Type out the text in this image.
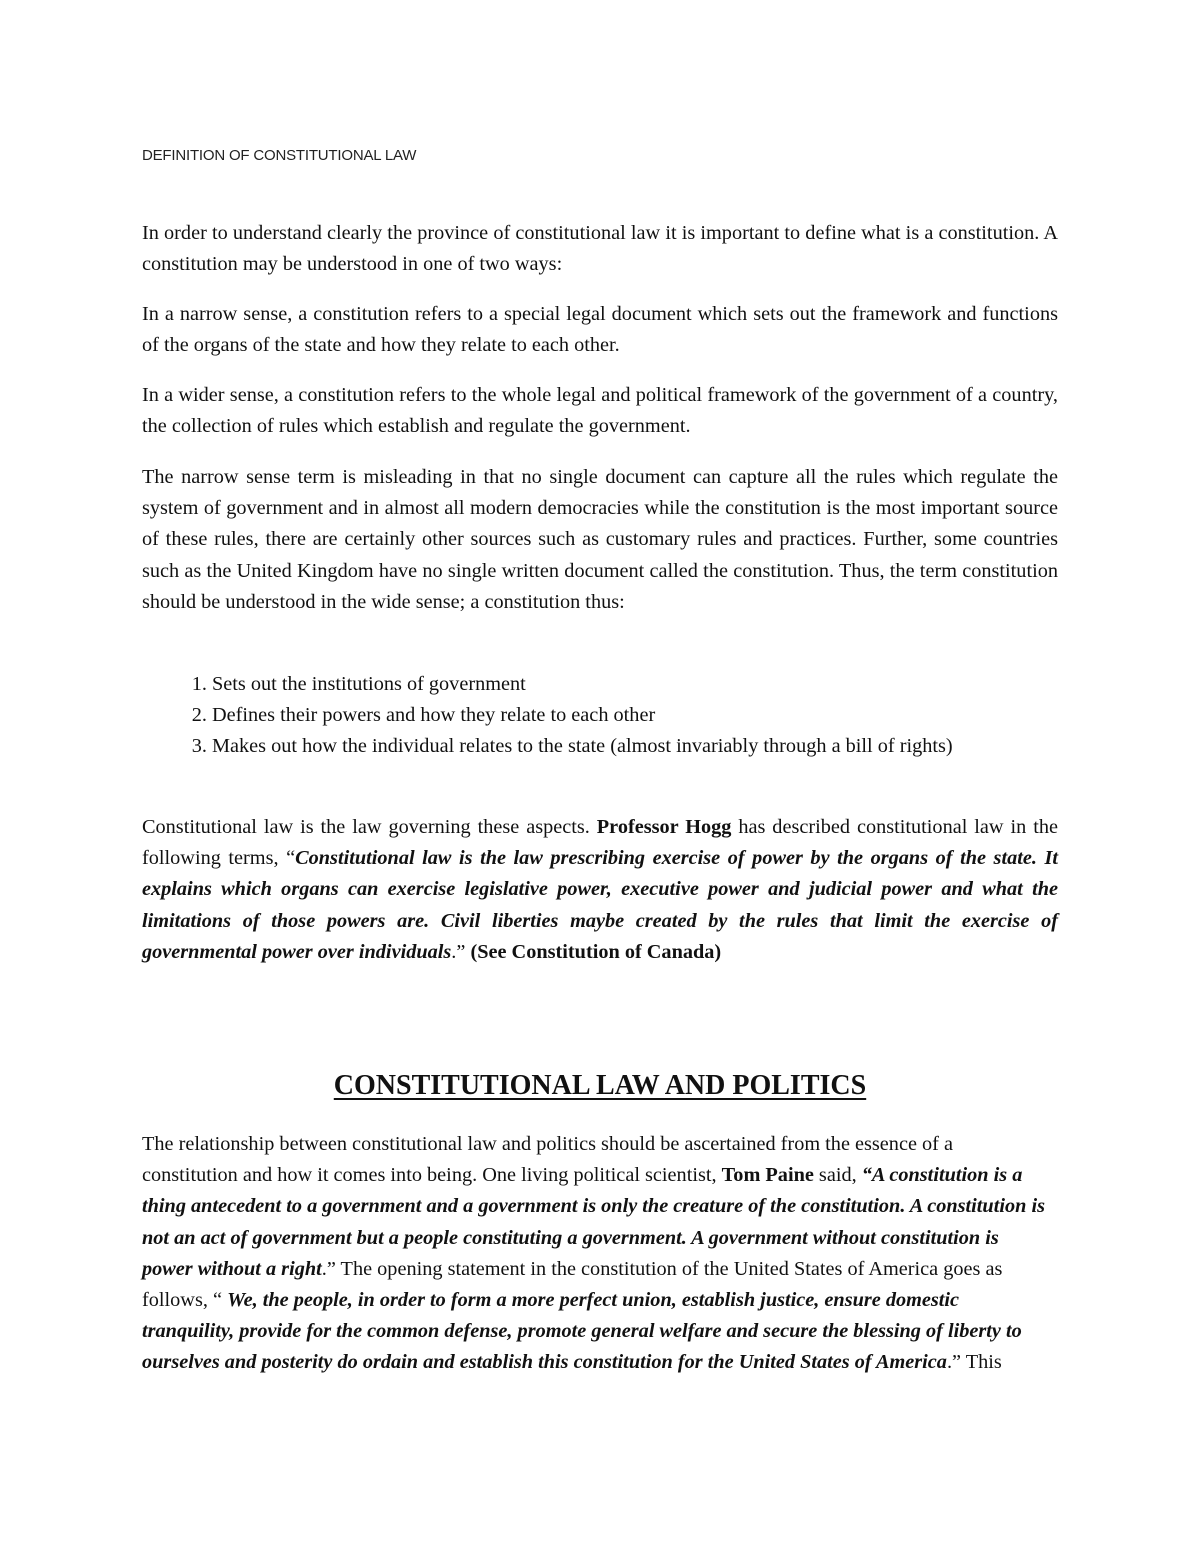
DEFINITION OF CONSTITUTIONAL LAW
In order to understand clearly the province of constitutional law it is important to define what is a constitution. A constitution may be understood in one of two ways:
In a narrow sense, a constitution refers to a special legal document which sets out the framework and functions of the organs of the state and how they relate to each other.
In a wider sense, a constitution refers to the whole legal and political framework of the government of a country, the collection of rules which establish and regulate the government.
The narrow sense term is misleading in that no single document can capture all the rules which regulate the system of government and in almost all modern democracies while the constitution is the most important source of these rules, there are certainly other sources such as customary rules and practices. Further, some countries such as the United Kingdom have no single written document called the constitution. Thus, the term constitution should be understood in the wide sense; a constitution thus:
1. Sets out the institutions of government
2. Defines their powers and how they relate to each other
3. Makes out how the individual relates to the state (almost invariably through a bill of rights)
Constitutional law is the law governing these aspects. Professor Hogg has described constitutional law in the following terms, “Constitutional law is the law prescribing exercise of power by the organs of the state. It explains which organs can exercise legislative power, executive power and judicial power and what the limitations of those powers are. Civil liberties maybe created by the rules that limit the exercise of governmental power over individuals.” (See Constitution of Canada)
CONSTITUTIONAL LAW AND POLITICS
The relationship between constitutional law and politics should be ascertained from the essence of a constitution and how it comes into being. One living political scientist, Tom Paine said, “A constitution is a thing antecedent to a government and a government is only the creature of the constitution. A constitution is not an act of government but a people constituting a government. A government without constitution is power without a right.” The opening statement in the constitution of the United States of America goes as follows, “ We, the people, in order to form a more perfect union, establish justice, ensure domestic tranquility, provide for the common defense, promote general welfare and secure the blessing of liberty to ourselves and posterity do ordain and establish this constitution for the United States of America.” This
